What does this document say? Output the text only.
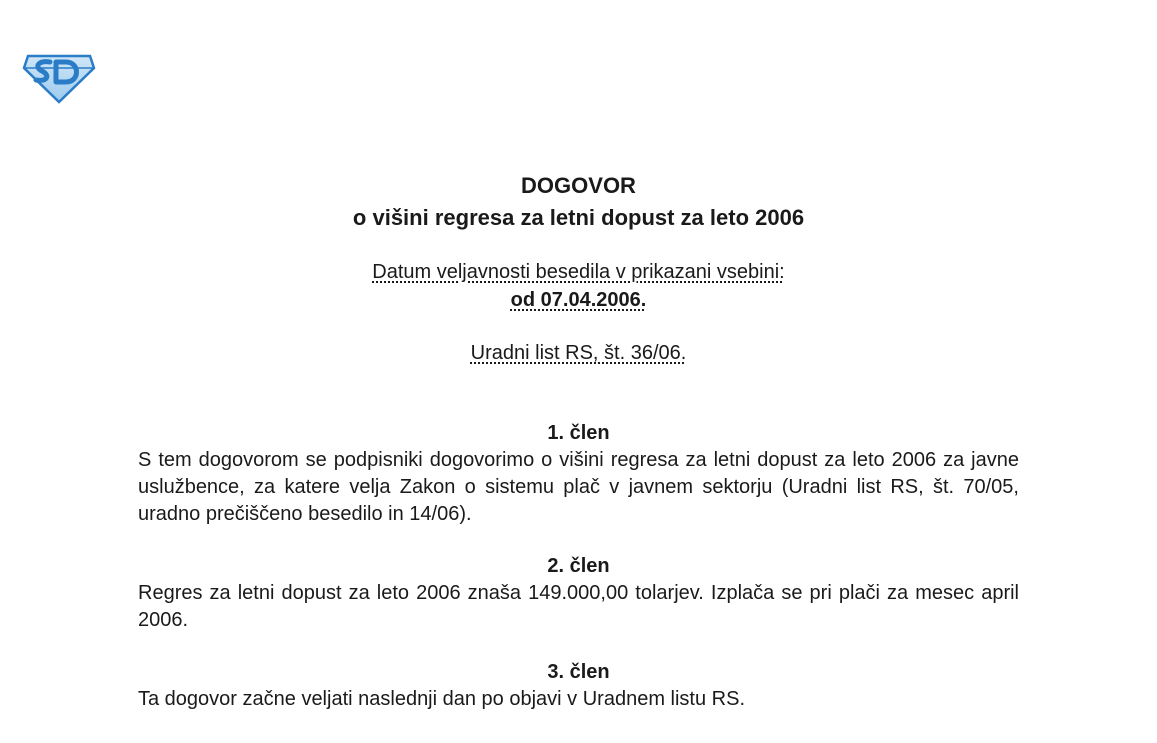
DOGOVOR
o višini regresa za letni dopust za leto 2006
Datum veljavnosti besedila v prikazani vsebini:
od 07.04.2006.
Uradni list RS, št. 36/06.
1. člen
S tem dogovorom se podpisniki dogovorimo o višini regresa za letni dopust za leto 2006 za javne uslužbence, za katere velja Zakon o sistemu plač v javnem sektorju (Uradni list RS, št. 70/05, uradno prečiščeno besedilo in 14/06).
2. člen
Regres za letni dopust za leto 2006 znaša 149.000,00 tolarjev. Izplača se pri plači za mesec april 2006.
3. člen
Ta dogovor začne veljati naslednji dan po objavi v Uradnem listu RS.
